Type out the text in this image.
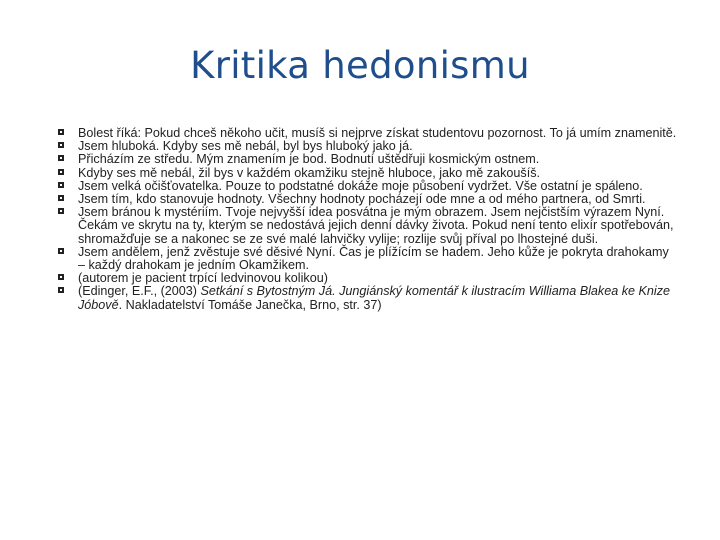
Kritika hedonismu
Bolest říká: Pokud chceš někoho učit, musíš si nejprve získat studentovu pozornost. To já umím znamenitě.
Jsem hluboká. Kdyby ses mě nebál, byl bys hluboký jako já.
Přicházím ze středu. Mým znamením je bod. Bodnutí uštědřuji kosmickým ostnem.
Kdyby ses mě nebál, žil bys v každém okamžiku stejně hluboce, jako mě zakoušíš.
Jsem velká očišťovatelka. Pouze to podstatné dokáže moje působení vydržet. Vše ostatní je spáleno.
Jsem tím, kdo stanovuje hodnoty. Všechny hodnoty pocházejí ode mne a od mého partnera, od Smrti.
Jsem bránou k mystériím. Tvoje nejvyšší idea posvátna je mým obrazem. Jsem nejčistším výrazem Nyní. Čekám ve skrytu na ty, kterým se nedostává jejich denní dávky života. Pokud není tento elixír spotřebován, shromažďuje se a nakonec se ze své malé lahvičky vylije; rozlije svůj příval po lhostejné duši.
Jsem andělem, jenž zvěstuje své děsivé Nyní. Čas je plížícím se hadem. Jeho kůže je pokryta drahokamy – každý drahokam je jedním Okamžikem.
(autorem je pacient trpící ledvinovou kolikou)
(Edinger, E.F., (2003) Setkání s Bytostným Já. Jungiánský komentář k ilustracím Williama Blakea ke Knize Jóbově. Nakladatelství Tomáše Janečka, Brno, str. 37)
